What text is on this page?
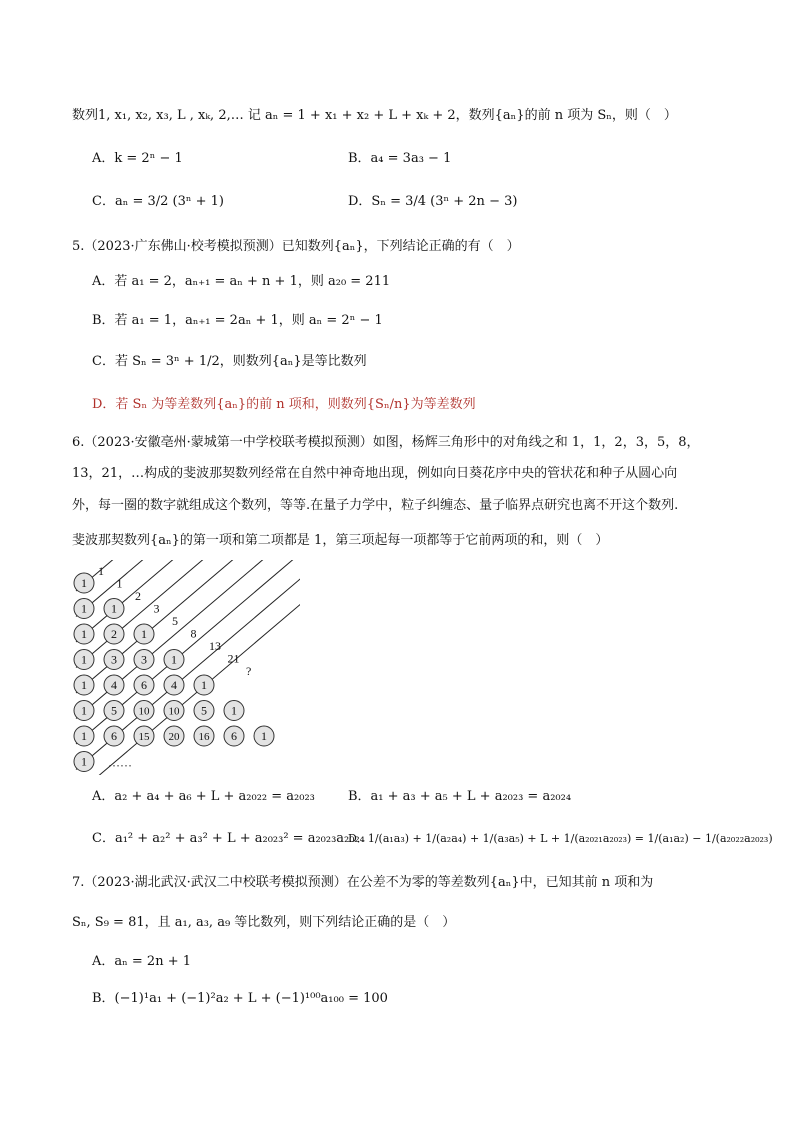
数列1, x₁, x₂, x₃, L , xₖ, 2,… 记 aₙ = 1 + x₁ + x₂ + L + xₖ + 2，数列{aₙ}的前 n 项为 Sₙ，则（　）
A．k = 2ⁿ − 1	B．a₄ = 3a₃ − 1
C．aₙ = 3/2 (3ⁿ + 1)	D．Sₙ = 3/4 (3ⁿ + 2n − 3)
5.（2023·广东佛山·校考模拟预测）已知数列{aₙ}，下列结论正确的有（　）
A．若 a₁ = 2，aₙ₊₁ = aₙ + n + 1，则 a₂₀ = 211
B．若 a₁ = 1，aₙ₊₁ = 2aₙ + 1，则 aₙ = 2ⁿ − 1
C．若 Sₙ = 3ⁿ + 1/2，则数列{aₙ}是等比数列
D．若 Sₙ 为等差数列{aₙ}的前 n 项和，则数列{Sₙ/n}为等差数列
6.（2023·安徽亳州·蒙城第一中学校联考模拟预测）如图，杨辉三角形中的对角线之和 1，1，2，3，5，8，
13，21，…构成的斐波那契数列经常在自然中神奇地出现，例如向日葵花序中央的管状花和种子从圆心向
外，每一圈的数字就组成这个数列，等等.在量子力学中，粒子纠缠态、量子临界点研究也离不开这个数列.
斐波那契数列{aₙ}的第一项和第二项都是 1，第三项起每一项都等于它前两项的和，则（　）
1
1 1
1 2 1
1 3 3 1
1 4 6 4 1
1 5 10 10 5 1
1 6 15 20 16 6 1
1
1
1
2
3
5
8
13
21
?
……
A．a₂ + a₄ + a₆ + L + a₂₀₂₂ = a₂₀₂₃	B．a₁ + a₃ + a₅ + L + a₂₀₂₃ = a₂₀₂₄
C．a₁² + a₂² + a₃² + L + a₂₀₂₃² = a₂₀₂₃a₂₀₂₄
D．1/(a₁a₃) + 1/(a₂a₄) + 1/(a₃a₅) + L + 1/(a₂₀₂₁a₂₀₂₃) = 1/(a₁a₂) − 1/(a₂₀₂₂a₂₀₂₃)
7.（2023·湖北武汉·武汉二中校联考模拟预测）在公差不为零的等差数列{aₙ}中，已知其前 n 项和为
Sₙ, S₉ = 81，且 a₁, a₃, a₉ 等比数列，则下列结论正确的是（　）
A．aₙ = 2n + 1
B．(−1)¹a₁ + (−1)²a₂ + L + (−1)¹⁰⁰a₁₀₀ = 100
